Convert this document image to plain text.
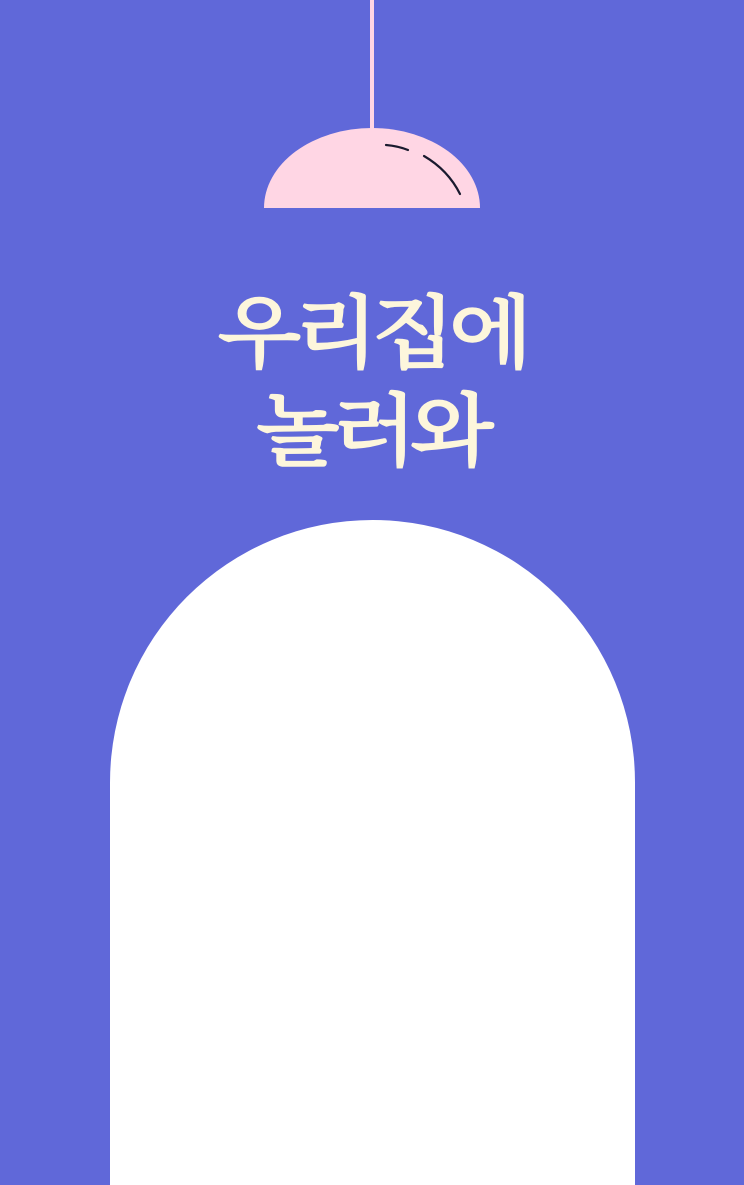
우리집에
놀러와
